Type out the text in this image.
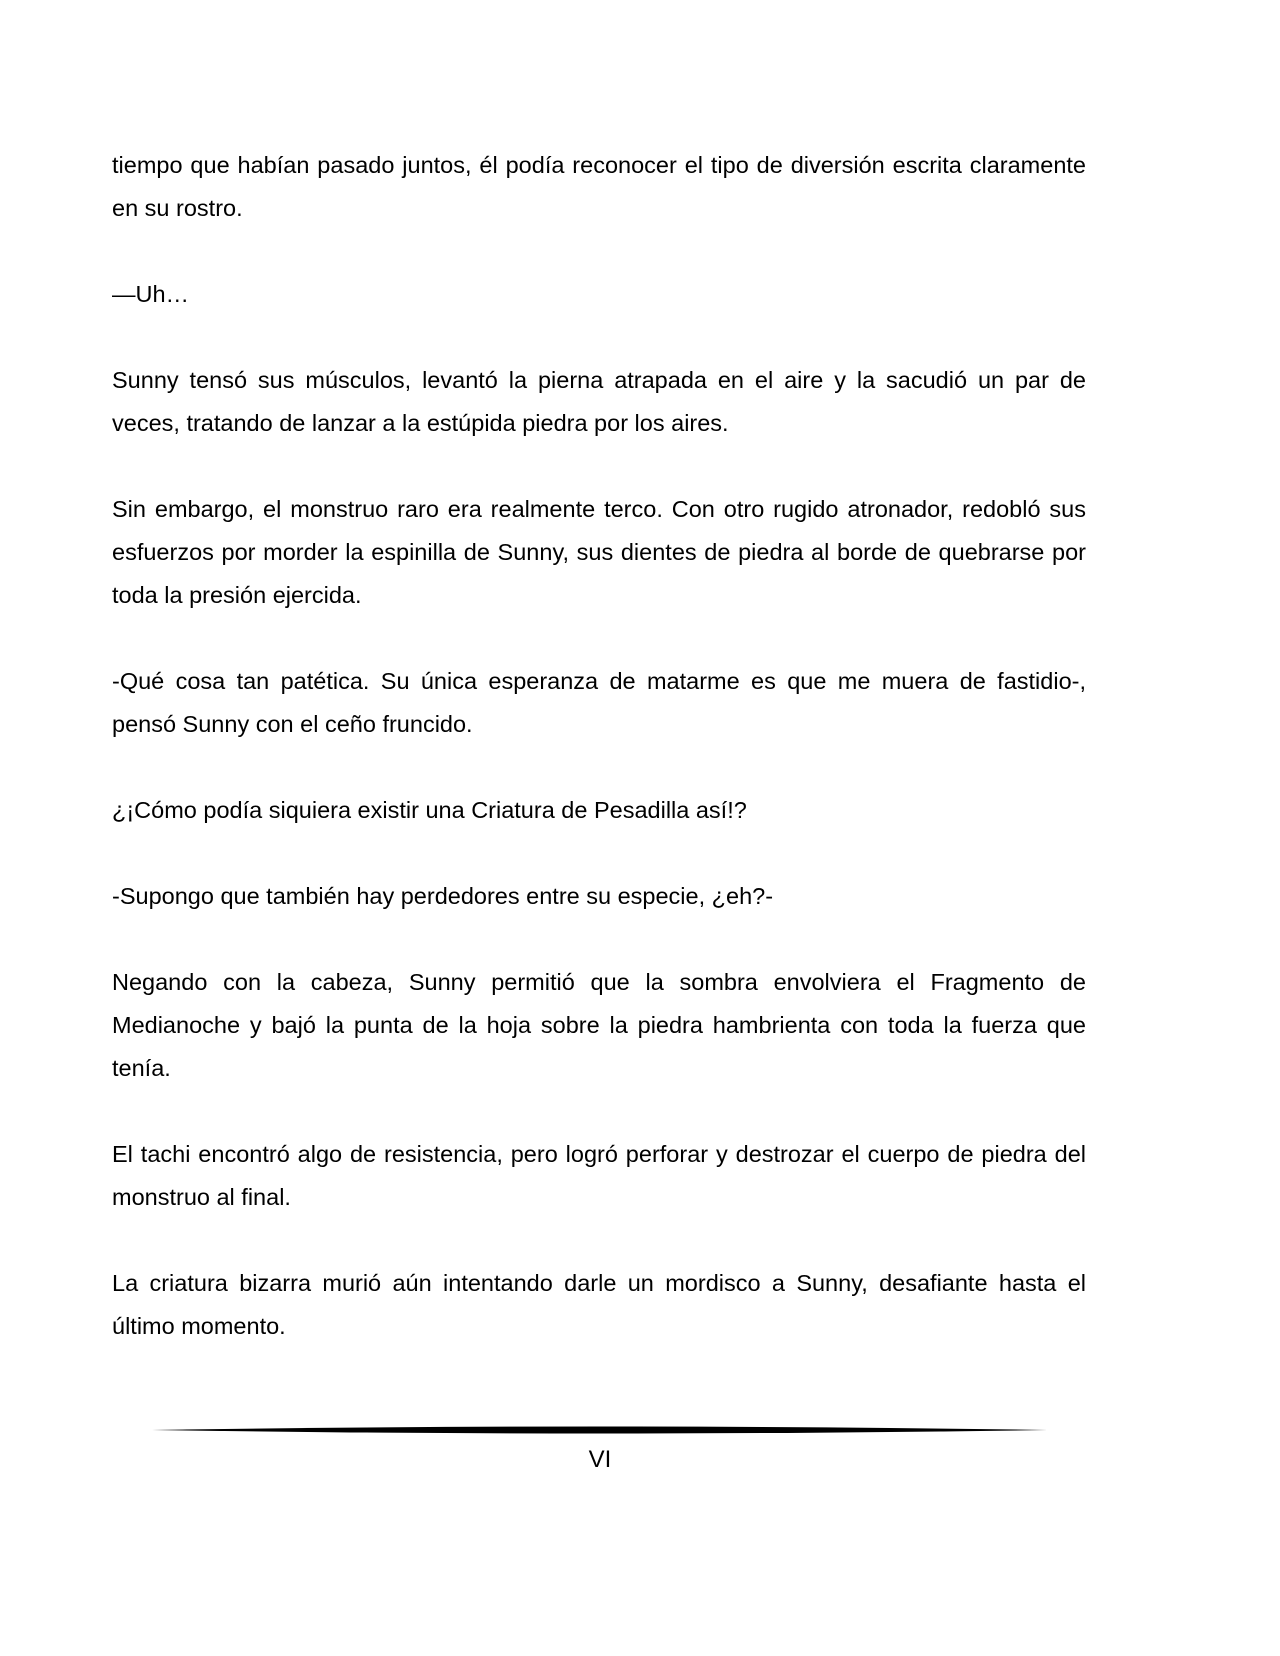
tiempo que habían pasado juntos, él podía reconocer el tipo de diversión escrita claramente en su rostro.

—Uh…

Sunny tensó sus músculos, levantó la pierna atrapada en el aire y la sacudió un par de veces, tratando de lanzar a la estúpida piedra por los aires.

Sin embargo, el monstruo raro era realmente terco. Con otro rugido atronador, redobló sus esfuerzos por morder la espinilla de Sunny, sus dientes de piedra al borde de quebrarse por toda la presión ejercida.

-Qué cosa tan patética. Su única esperanza de matarme es que me muera de fastidio-, pensó Sunny con el ceño fruncido.

¿¡Cómo podía siquiera existir una Criatura de Pesadilla así!?

-Supongo que también hay perdedores entre su especie, ¿eh?-

Negando con la cabeza, Sunny permitió que la sombra envolviera el Fragmento de Medianoche y bajó la punta de la hoja sobre la piedra hambrienta con toda la fuerza que tenía.

El tachi encontró algo de resistencia, pero logró perforar y destrozar el cuerpo de piedra del monstruo al final.

La criatura bizarra murió aún intentando darle un mordisco a Sunny, desafiante hasta el último momento.

VI
